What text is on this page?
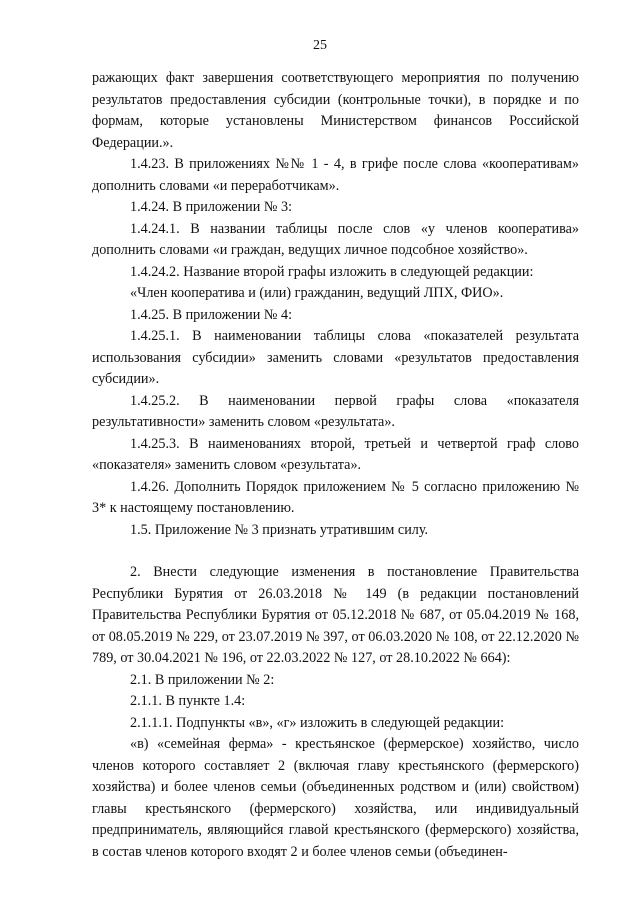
25

ражающих факт завершения соответствующего мероприятия по получению результатов предоставления субсидии (контрольные точки), в порядке и по формам, которые установлены Министерством финансов Российской Федерации.».

1.4.23. В приложениях №№ 1 - 4, в грифе после слова «кооперативам» дополнить словами «и переработчикам».

1.4.24. В приложении № 3:

1.4.24.1. В названии таблицы после слов «у членов кооператива» дополнить словами «и граждан, ведущих личное подсобное хозяйство».

1.4.24.2. Название второй графы изложить в следующей редакции:

«Член кооператива и (или) гражданин, ведущий ЛПХ, ФИО».

1.4.25. В приложении № 4:

1.4.25.1. В наименовании таблицы слова «показателей результата использования субсидии» заменить словами «результатов предоставления субсидии».

1.4.25.2. В наименовании первой графы слова «показателя результативности» заменить словом «результата».

1.4.25.3. В наименованиях второй, третьей и четвертой граф слово «показателя» заменить словом «результата».

1.4.26. Дополнить Порядок приложением № 5 согласно приложению № 3* к настоящему постановлению.

1.5. Приложение № 3 признать утратившим силу.

2. Внести следующие изменения в постановление Правительства Республики Бурятия от 26.03.2018 № 149 (в редакции постановлений Правительства Республики Бурятия от 05.12.2018 № 687, от 05.04.2019 № 168, от 08.05.2019 № 229, от 23.07.2019 № 397, от 06.03.2020 № 108, от 22.12.2020 № 789, от 30.04.2021 № 196, от 22.03.2022 № 127, от 28.10.2022 № 664):

2.1. В приложении № 2:

2.1.1. В пункте 1.4:

2.1.1.1. Подпункты «в», «г» изложить в следующей редакции:

«в) «семейная ферма» - крестьянское (фермерское) хозяйство, число членов которого составляет 2 (включая главу крестьянского (фермерского) хозяйства) и более членов семьи (объединенных родством и (или) свойством) главы крестьянского (фермерского) хозяйства, или индивидуальный предприниматель, являющийся главой крестьянского (фермерского) хозяйства, в состав членов которого входят 2 и более членов семьи (объединен-
